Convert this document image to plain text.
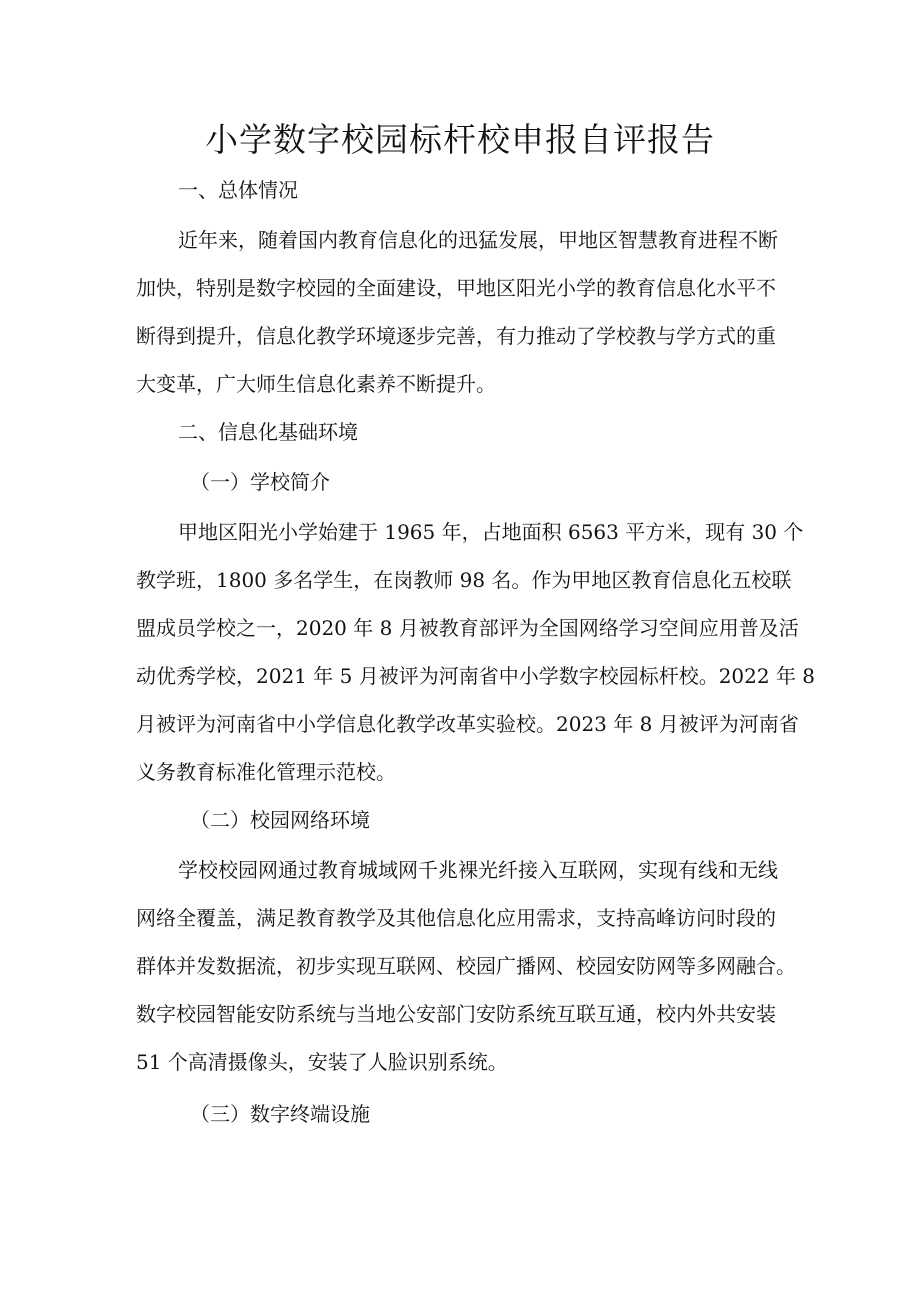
小学数字校园标杆校申报自评报告

一、总体情况

近年来，随着国内教育信息化的迅猛发展，甲地区智慧教育进程不断

加快，特别是数字校园的全面建设，甲地区阳光小学的教育信息化水平不

断得到提升，信息化教学环境逐步完善，有力推动了学校教与学方式的重

大变革，广大师生信息化素养不断提升。

二、信息化基础环境

（一）学校简介

甲地区阳光小学始建于 1965 年，占地面积 6563 平方米，现有 30 个

教学班，1800 多名学生，在岗教师 98 名。作为甲地区教育信息化五校联

盟成员学校之一，2020 年 8 月被教育部评为全国网络学习空间应用普及活

动优秀学校，2021 年 5 月被评为河南省中小学数字校园标杆校。2022 年 8

月被评为河南省中小学信息化教学改革实验校。2023 年 8 月被评为河南省

义务教育标准化管理示范校。

（二）校园网络环境

学校校园网通过教育城域网千兆裸光纤接入互联网，实现有线和无线

网络全覆盖，满足教育教学及其他信息化应用需求，支持高峰访问时段的

群体并发数据流，初步实现互联网、校园广播网、校园安防网等多网融合。

数字校园智能安防系统与当地公安部门安防系统互联互通，校内外共安装

51 个高清摄像头，安装了人脸识别系统。

（三）数字终端设施
